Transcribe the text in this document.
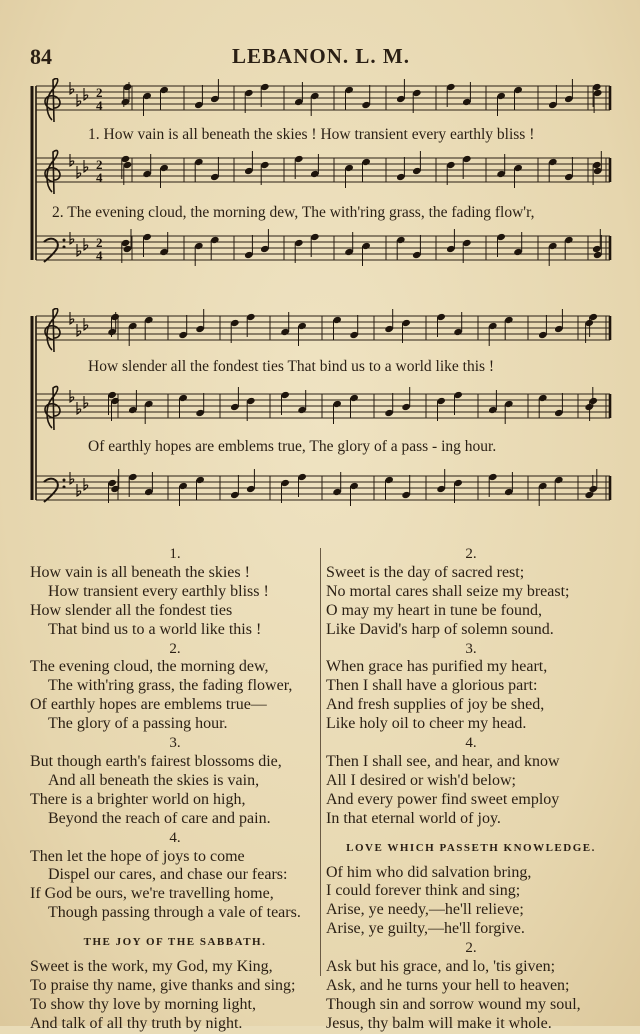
84	LEBANON. L. M.
2
4
2
4
2
4
1. How vain is all beneath the skies ! How transient every earthly bliss !
2. The evening cloud, the morning dew, The with'ring grass, the fading flow'r,
How slender all the fondest ties That bind us to a world like this !
Of earthly hopes are emblems true, The glory of a pass - ing hour.
1.
How vain is all beneath the skies !
How transient every earthly bliss !
How slender all the fondest ties
That bind us to a world like this !
2.
The evening cloud, the morning dew,
The with'ring grass, the fading flower,
Of earthly hopes are emblems true—
The glory of a passing hour.
3.
But though earth's fairest blossoms die,
And all beneath the skies is vain,
There is a brighter world on high,
Beyond the reach of care and pain.
4.
Then let the hope of joys to come
Dispel our cares, and chase our fears:
If God be ours, we're travelling home,
Though passing through a vale of tears.
THE JOY OF THE SABBATH.
Sweet is the work, my God, my King,
To praise thy name, give thanks and sing;
To show thy love by morning light,
And talk of all thy truth by night.
2.
Sweet is the day of sacred rest;
No mortal cares shall seize my breast;
O may my heart in tune be found,
Like David's harp of solemn sound.
3.
When grace has purified my heart,
Then I shall have a glorious part:
And fresh supplies of joy be shed,
Like holy oil to cheer my head.
4.
Then I shall see, and hear, and know
All I desired or wish'd below;
And every power find sweet employ
In that eternal world of joy.
LOVE WHICH PASSETH KNOWLEDGE.
Of him who did salvation bring,
I could forever think and sing;
Arise, ye needy,—he'll relieve;
Arise, ye guilty,—he'll forgive.
2.
Ask but his grace, and lo, 'tis given;
Ask, and he turns your hell to heaven;
Though sin and sorrow wound my soul,
Jesus, thy balm will make it whole.
